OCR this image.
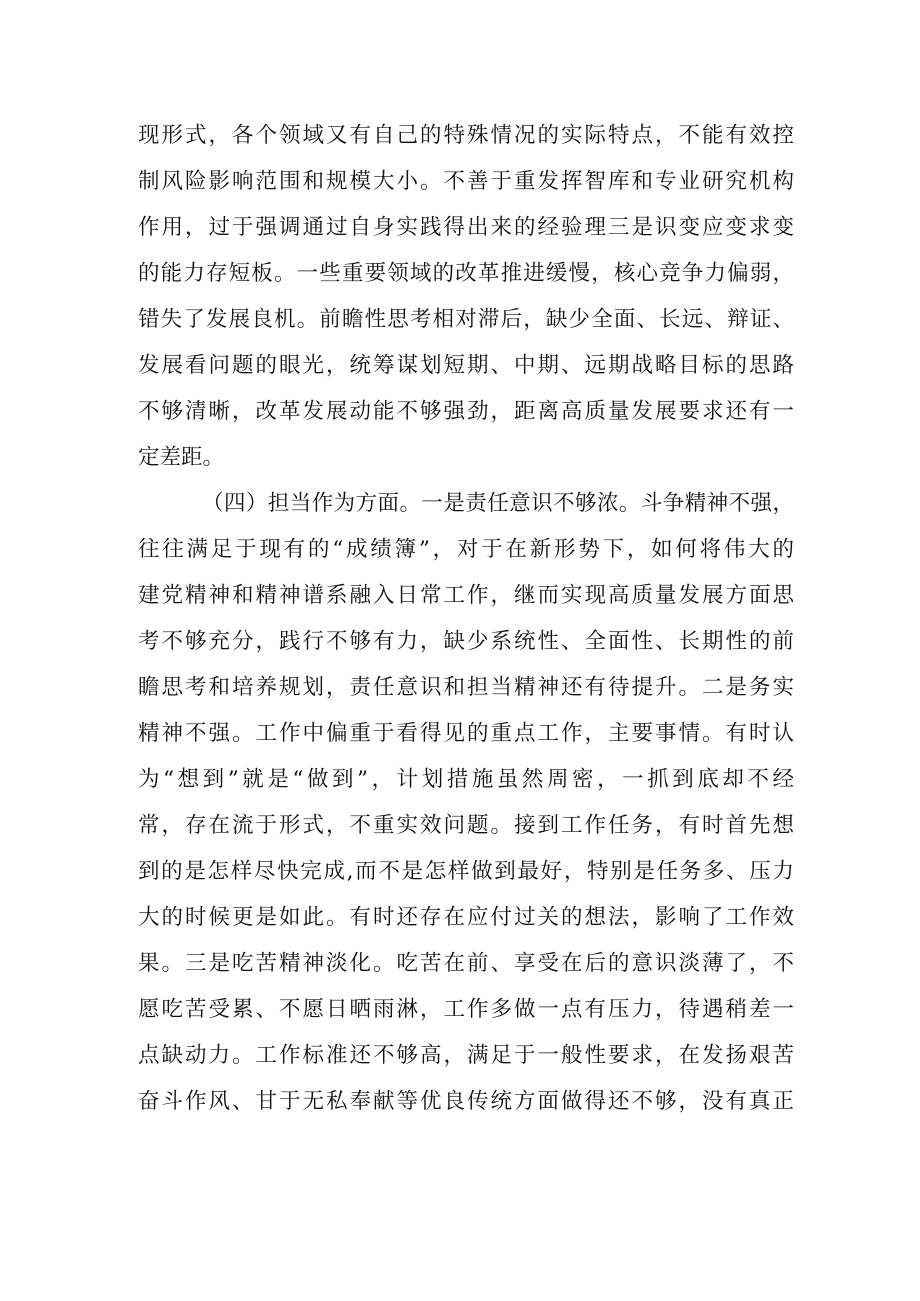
现形式，各个领域又有自己的特殊情况的实际特点，不能有效控
制风险影响范围和规模大小。不善于重发挥智库和专业研究机构
作用，过于强调通过自身实践得出来的经验理三是识变应变求变
的能力存短板。一些重要领域的改革推进缓慢，核心竞争力偏弱，
错失了发展良机。前瞻性思考相对滞后，缺少全面、长远、辩证、
发展看问题的眼光，统筹谋划短期、中期、远期战略目标的思路
不够清晰，改革发展动能不够强劲，距离高质量发展要求还有一
定差距。
（四）担当作为方面。一是责任意识不够浓。斗争精神不强，
往往满足于现有的“成绩簿”，对于在新形势下，如何将伟大的
建党精神和精神谱系融入日常工作，继而实现高质量发展方面思
考不够充分，践行不够有力，缺少系统性、全面性、长期性的前
瞻思考和培养规划，责任意识和担当精神还有待提升。二是务实
精神不强。工作中偏重于看得见的重点工作，主要事情。有时认
为“想到”就是“做到”，计划措施虽然周密，一抓到底却不经
常，存在流于形式，不重实效问题。接到工作任务，有时首先想
到的是怎样尽快完成,而不是怎样做到最好，特别是任务多、压力
大的时候更是如此。有时还存在应付过关的想法，影响了工作效
果。三是吃苦精神淡化。吃苦在前、享受在后的意识淡薄了，不
愿吃苦受累、不愿日晒雨淋，工作多做一点有压力，待遇稍差一
点缺动力。工作标准还不够高，满足于一般性要求，在发扬艰苦
奋斗作风、甘于无私奉献等优良传统方面做得还不够，没有真正
